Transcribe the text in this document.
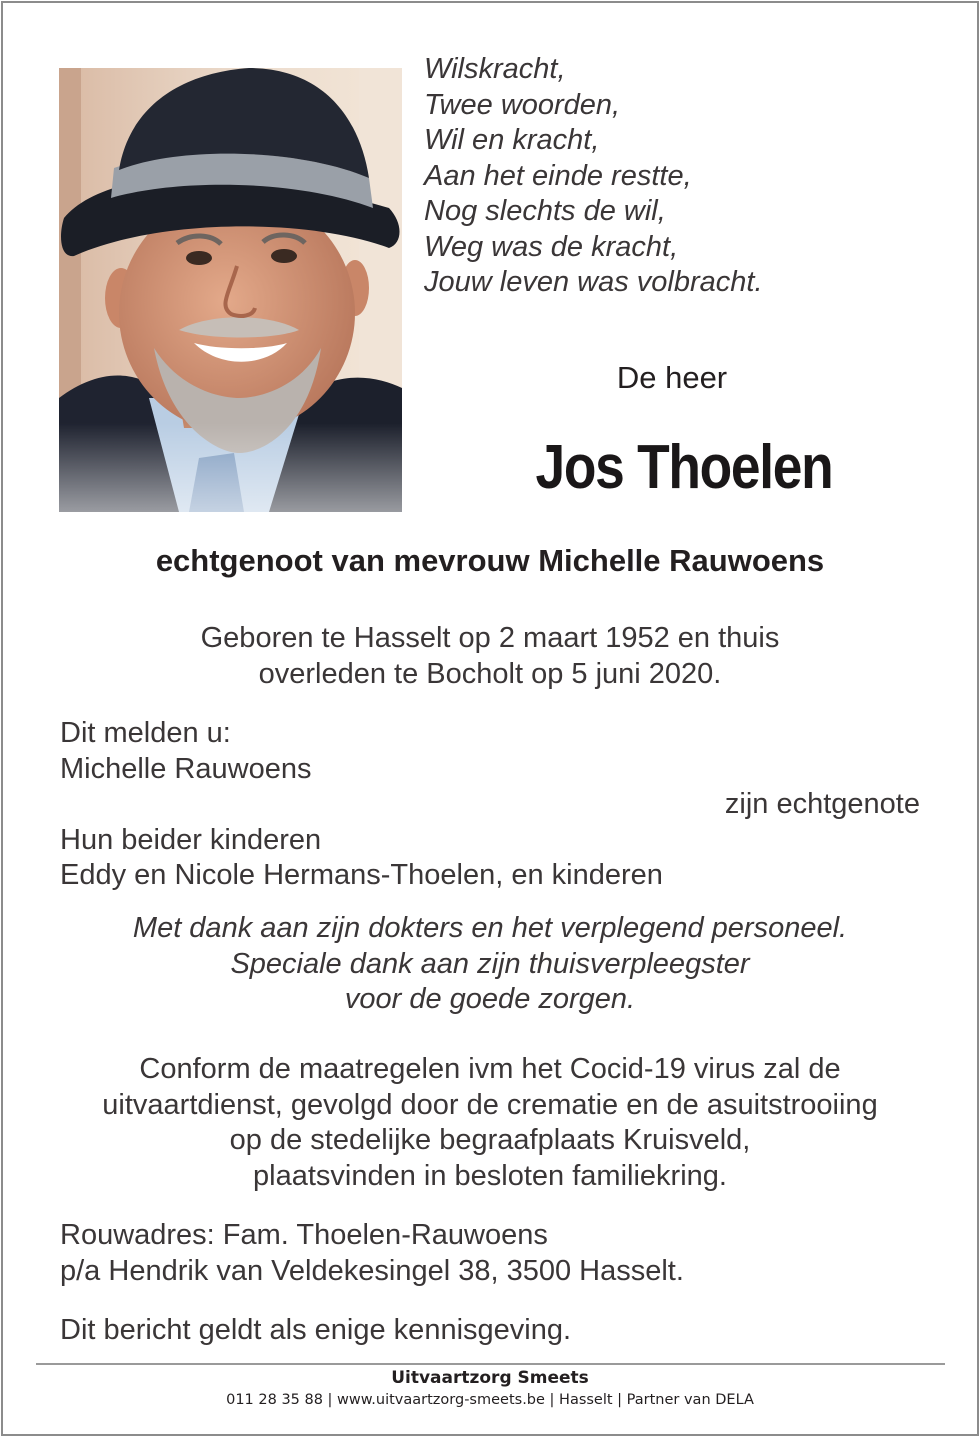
Wilskracht,
Twee woorden,
Wil en kracht,
Aan het einde restte,
Nog slechts de wil,
Weg was de kracht,
Jouw leven was volbracht.
De heer
Jos Thoelen
echtgenoot van mevrouw Michelle Rauwoens
Geboren te Hasselt op 2 maart 1952 en thuis
overleden te Bocholt op 5 juni 2020.
Dit melden u:
Michelle Rauwoens
zijn echtgenote
Hun beider kinderen
Eddy en Nicole Hermans-Thoelen, en kinderen
Met dank aan zijn dokters en het verplegend personeel.
Speciale dank aan zijn thuisverpleegster
voor de goede zorgen.
Conform de maatregelen ivm het Cocid-19 virus zal de
uitvaartdienst, gevolgd door de crematie en de asuitstrooiing
op de stedelijke begraafplaats Kruisveld,
plaatsvinden in besloten familiekring.
Rouwadres: Fam. Thoelen-Rauwoens
p/a Hendrik van Veldekesingel 38, 3500 Hasselt.
Dit bericht geldt als enige kennisgeving.
Uitvaartzorg Smeets
011 28 35 88 | www.uitvaartzorg-smeets.be | Hasselt | Partner van DELA
